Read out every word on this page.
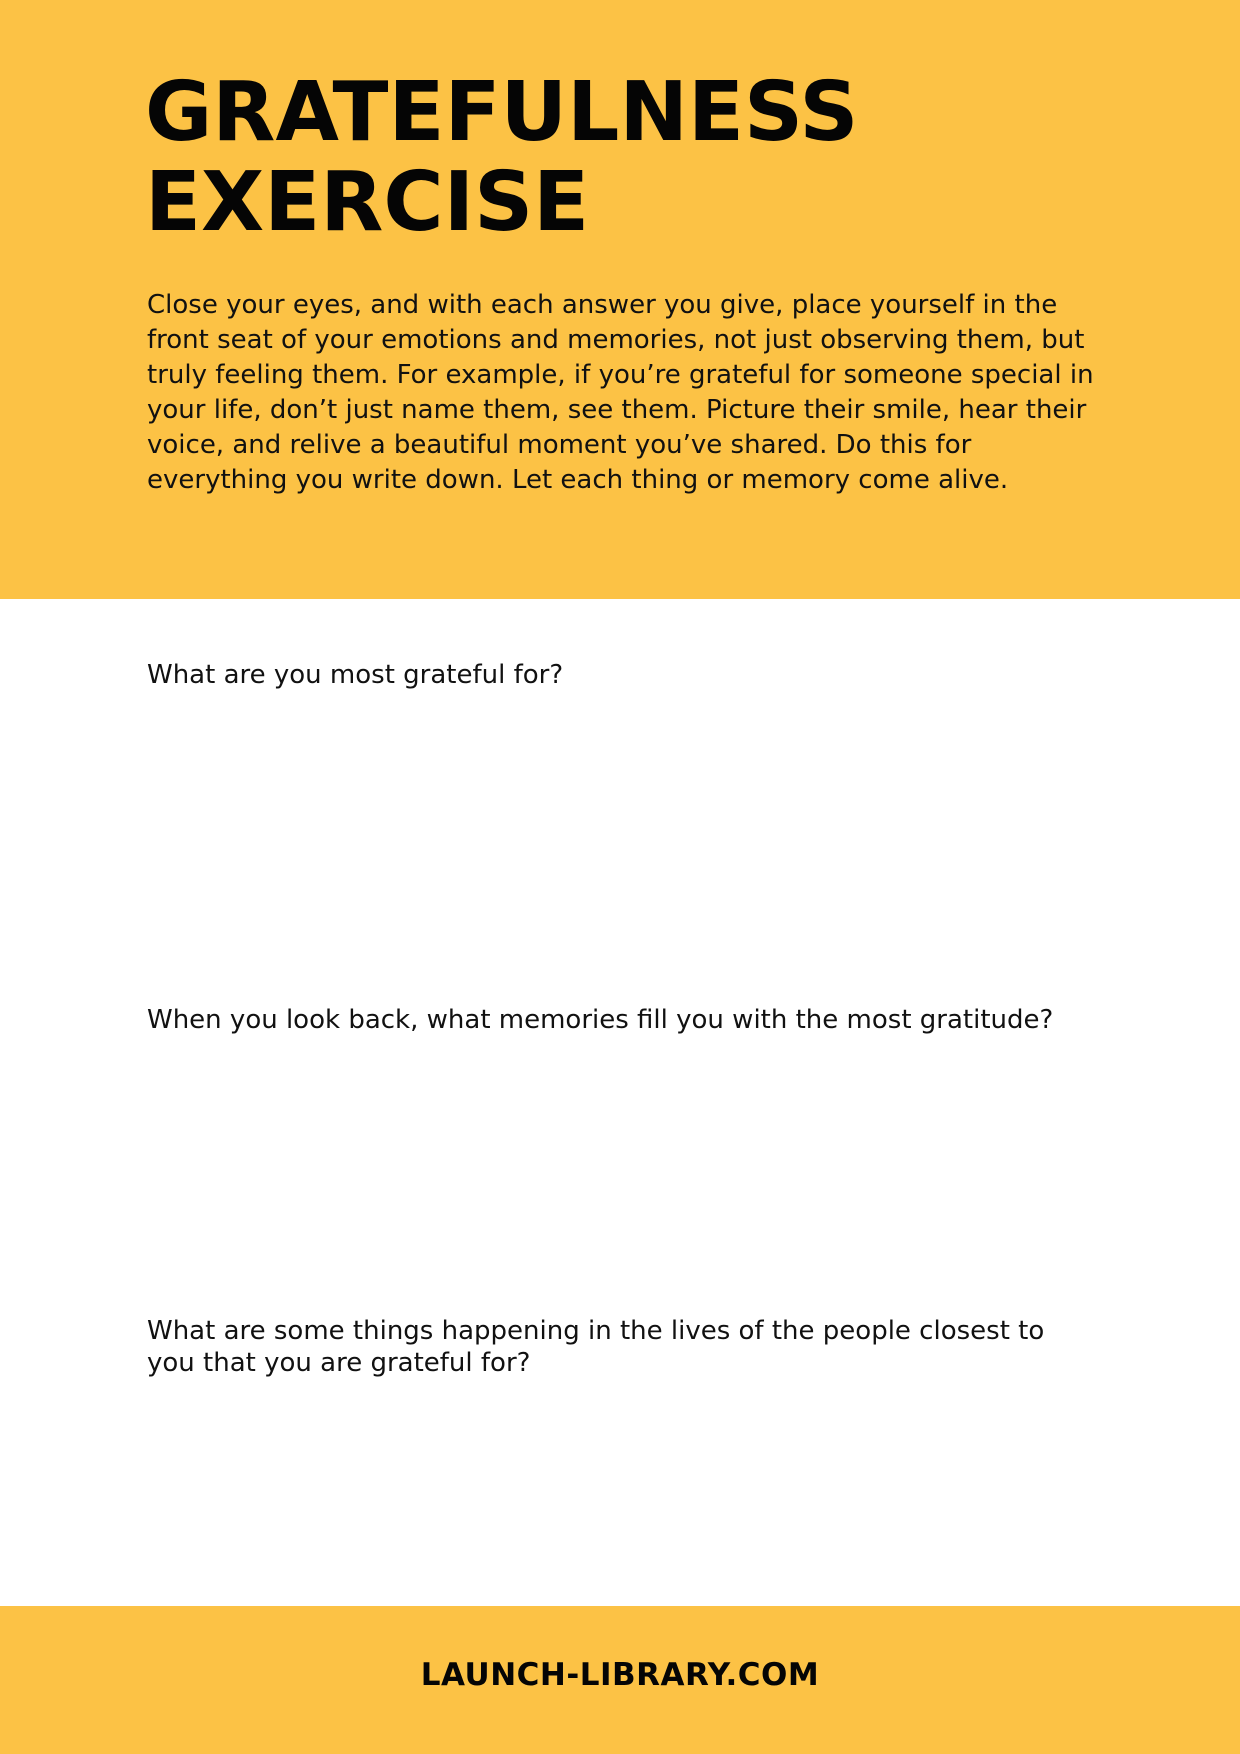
GRATEFULNESS
EXERCISE

Close your eyes, and with each answer you give, place yourself in the
front seat of your emotions and memories, not just observing them, but
truly feeling them. For example, if you’re grateful for someone special in
your life, don’t just name them, see them. Picture their smile, hear their
voice, and relive a beautiful moment you’ve shared. Do this for
everything you write down. Let each thing or memory come alive.

What are you most grateful for?

When you look back, what memories fill you with the most gratitude?

What are some things happening in the lives of the people closest to
you that you are grateful for?

LAUNCH-LIBRARY.COM
